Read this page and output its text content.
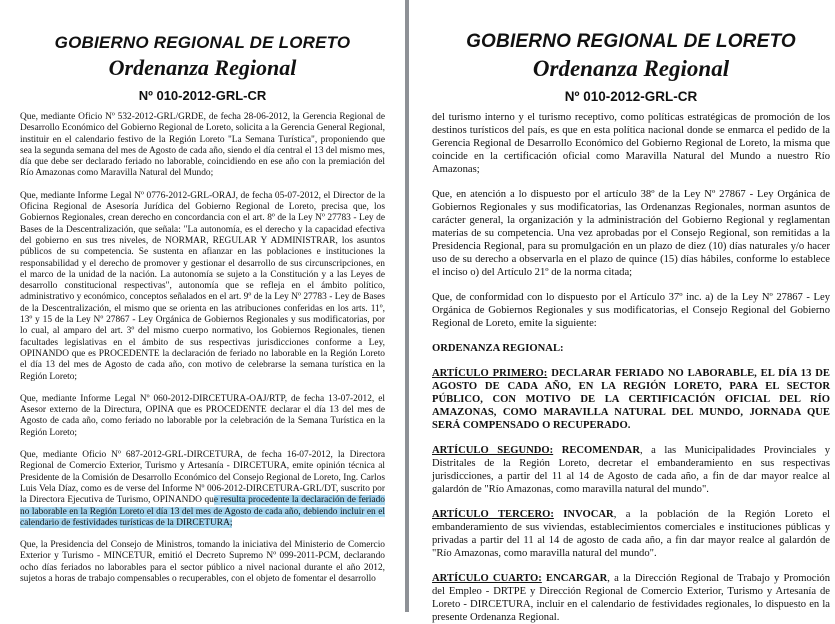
GOBIERNO REGIONAL DE LORETO
Ordenanza Regional
Nº 010-2012-GRL-CR

Que, mediante Oficio Nº 532-2012-GRL/GRDE, de fecha 28-06-2012, la Gerencia Regional de Desarrollo Económico del Gobierno Regional de Loreto, solicita a la Gerencia General Regional, instituir en el calendario festivo de la Región Loreto "La Semana Turística", proponiendo que sea la segunda semana del mes de Agosto de cada año, siendo el día central el 13 del mismo mes, día que debe ser declarado feriado no laborable, coincidiendo en ese año con la premiación del Río Amazonas como Maravilla Natural del Mundo;

Que, mediante Informe Legal Nº 0776-2012-GRL-ORAJ, de fecha 05-07-2012, el Director de la Oficina Regional de Asesoría Jurídica del Gobierno Regional de Loreto, precisa que, los Gobiernos Regionales, crean derecho en concordancia con el art. 8º de la Ley Nº 27783 - Ley de Bases de la Descentralización, que señala: "La autonomía, es el derecho y la capacidad efectiva del gobierno en sus tres niveles, de NORMAR, REGULAR Y ADMINISTRAR, los asuntos públicos de su competencia. Se sustenta en afianzar en las poblaciones e instituciones la responsabilidad y el derecho de promover y gestionar el desarrollo de sus circunscripciones, en el marco de la unidad de la nación. La autonomía se sujeto a la Constitución y a las Leyes de desarrollo constitucional respectivas", autonomía que se refleja en el ámbito político, administrativo y económico, conceptos señalados en el art. 9º de la Ley Nº 27783 - Ley de Bases de la Descentralización, el mismo que se orienta en las atribuciones conferidas en los arts. 11º, 13º y 15 de la Ley Nº 27867 - Ley Orgánica de Gobiernos Regionales y sus modificatorias, por lo cual, al amparo del art. 3º del mismo cuerpo normativo, los Gobiernos Regionales, tienen facultades legislativas en el ámbito de sus respectivas jurisdicciones conforme a Ley, OPINANDO que es PROCEDENTE la declaración de feriado no laborable en la Región Loreto el día 13 del mes de Agosto de cada año, con motivo de celebrarse la semana turística en la Región Loreto;

Que, mediante Informe Legal Nº 060-2012-DIRCETURA-OAJ/RTP, de fecha 13-07-2012, el Asesor externo de la Directura, OPINA que es PROCEDENTE declarar el día 13 del mes de Agosto de cada año, como feriado no laborable por la celebración de la Semana Turística en la Región Loreto;

Que, mediante Oficio Nº 687-2012-GRL-DIRCETURA, de fecha 16-07-2012, la Directora Regional de Comercio Exterior, Turismo y Artesanía - DIRCETURA, emite opinión técnica al Presidente de la Comisión de Desarrollo Económico del Consejo Regional de Loreto, Ing. Carlos Luis Vela Díaz, como es de verse del Informe Nº 006-2012-DIRCETURA-GRL/DT, suscrito por la Directora Ejecutiva de Turismo, OPINANDO que resulta procedente la declaración de feriado no laborable en la Región Loreto el día 13 del mes de Agosto de cada año, debiendo incluir en el calendario de festividades turísticas de la DIRCETURA;

Que, la Presidencia del Consejo de Ministros, tomando la iniciativa del Ministerio de Comercio Exterior y Turismo - MINCETUR, emitió el Decreto Supremo Nº 099-2011-PCM, declarando ocho días feriados no laborables para el sector público a nivel nacional durante el año 2012, sujetos a horas de trabajo compensables o recuperables, con el objeto de fomentar el desarrollo

GOBIERNO REGIONAL DE LORETO
Ordenanza Regional
Nº 010-2012-GRL-CR

del turismo interno y el turismo receptivo, como políticas estratégicas de promoción de los destinos turísticos del país, es que en esta política nacional donde se enmarca el pedido de la Gerencia Regional de Desarrollo Económico del Gobierno Regional de Loreto, la misma que coincide en la certificación oficial como Maravilla Natural del Mundo a nuestro Río Amazonas;

Que, en atención a lo dispuesto por el artículo 38º de la Ley Nº 27867 - Ley Orgánica de Gobiernos Regionales y sus modificatorias, las Ordenanzas Regionales, norman asuntos de carácter general, la organización y la administración del Gobierno Regional y reglamentan materias de su competencia. Una vez aprobadas por el Consejo Regional, son remitidas a la Presidencia Regional, para su promulgación en un plazo de diez (10) días naturales y/o hacer uso de su derecho a observarla en el plazo de quince (15) días hábiles, conforme lo establece el inciso o) del Artículo 21º de la norma citada;

Que, de conformidad con lo dispuesto por el Artículo 37º inc. a) de la Ley Nº 27867 - Ley Orgánica de Gobiernos Regionales y sus modificatorias, el Consejo Regional del Gobierno Regional de Loreto, emite la siguiente:

ORDENANZA REGIONAL:

ARTÍCULO PRIMERO: DECLARAR FERIADO NO LABORABLE, EL DÍA 13 DE AGOSTO DE CADA AÑO, EN LA REGIÓN LORETO, PARA EL SECTOR PÚBLICO, CON MOTIVO DE LA CERTIFICACIÓN OFICIAL DEL RÍO AMAZONAS, COMO MARAVILLA NATURAL DEL MUNDO, JORNADA QUE SERÁ COMPENSADO O RECUPERADO.

ARTÍCULO SEGUNDO: RECOMENDAR, a las Municipalidades Provinciales y Distritales de la Región Loreto, decretar el embanderamiento en sus respectivas jurisdicciones, a partir del 11 al 14 de Agosto de cada año, a fin de dar mayor realce al galardón de "Río Amazonas, como maravilla natural del mundo".

ARTÍCULO TERCERO: INVOCAR, a la población de la Región Loreto el embanderamiento de sus viviendas, establecimientos comerciales e instituciones públicas y privadas a partir del 11 al 14 de agosto de cada año, a fin dar mayor realce al galardón de "Río Amazonas, como maravilla natural del mundo".

ARTÍCULO CUARTO: ENCARGAR, a la Dirección Regional de Trabajo y Promoción del Empleo - DRTPE y Dirección Regional de Comercio Exterior, Turismo y Artesanía de Loreto - DIRCETURA, incluir en el calendario de festividades regionales, lo dispuesto en la presente Ordenanza Regional.
